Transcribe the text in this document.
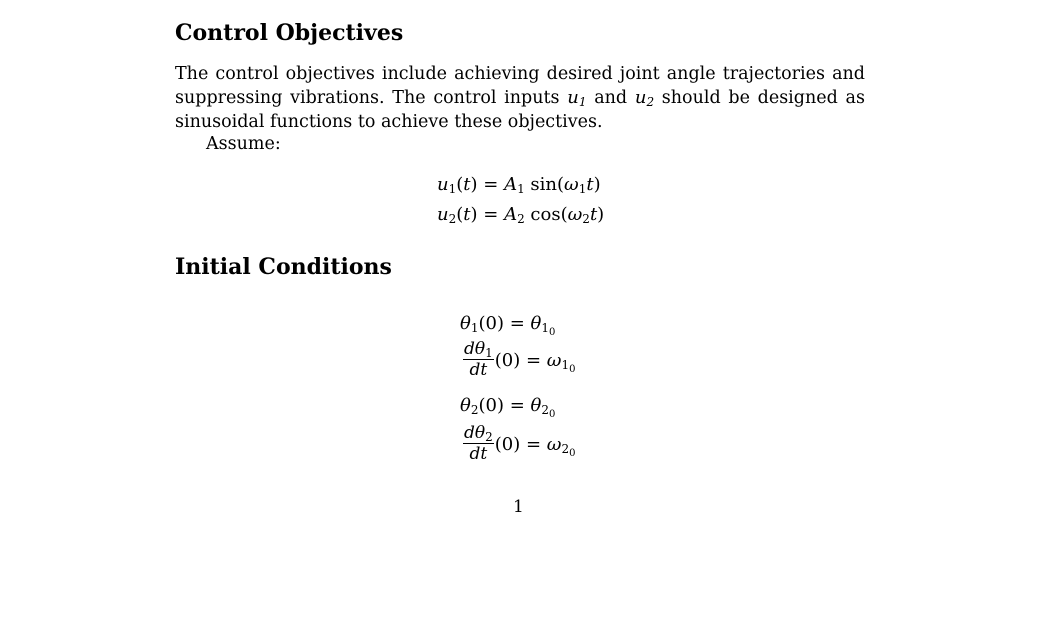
Control Objectives
The control objectives include achieving desired joint angle trajectories and
suppressing vibrations. The control inputs $u_1$ and $u_2$ should be designed as
sinusoidal functions to achieve these objectives.

Assume:

$u_1(t) = A_1$ $\sin(\omega_1t)$
$u_2(t) = A_2$ $\cos(\omega_2t)$
Initial Conditions
$\theta_1(0) = \theta_{1_0}$
$\frac{d\theta_1}{dt} (0) = \omega_{1_0}$
$\theta_2(0) = \theta_{2_0}$
$\frac{d\theta_2}{dt} (0) = \omega_{2_0}$
1
